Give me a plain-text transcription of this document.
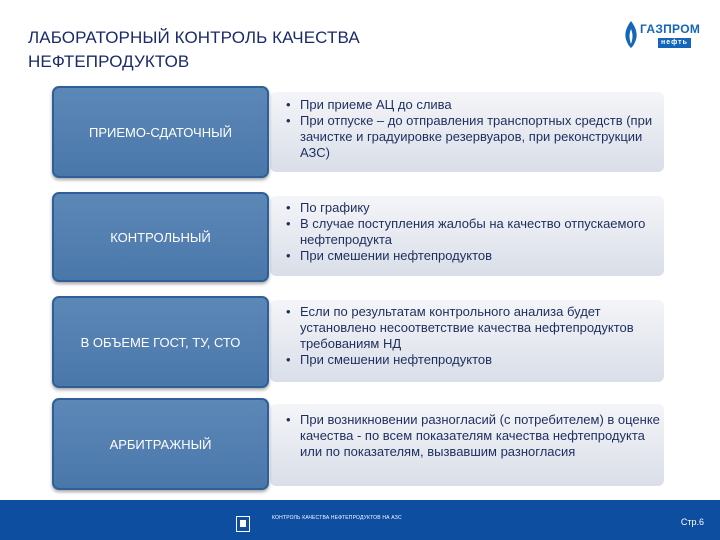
ЛАБОРАТОРНЫЙ КОНТРОЛЬ КАЧЕСТВА НЕФТЕПРОДУКТОВ
ГАЗПРОМ
нефть
• При приеме АЦ до слива
• При отпуске – до отправления транспортных средств (при зачистке и градуировке резервуаров, при реконструкции АЗС)
ПРИЕМО-СДАТОЧНЫЙ
• По графику
• В случае поступления жалобы на качество отпускаемого нефтепродукта
• При смешении нефтепродуктов
КОНТРОЛЬНЫЙ
• Если по результатам контрольного анализа будет установлено несоответствие качества нефтепродуктов требованиям НД
• При смешении нефтепродуктов
В ОБЪЕМЕ ГОСТ, ТУ, СТО
• При возникновении разногласий (с потребителем) в оценке качества - по всем показателям качества нефтепродукта или по показателям, вызвавшим разногласия
АРБИТРАЖНЫЙ
КОНТРОЛЬ КАЧЕСТВА НЕФТЕПРОДУКТОВ НА АЗС	Стр.6
